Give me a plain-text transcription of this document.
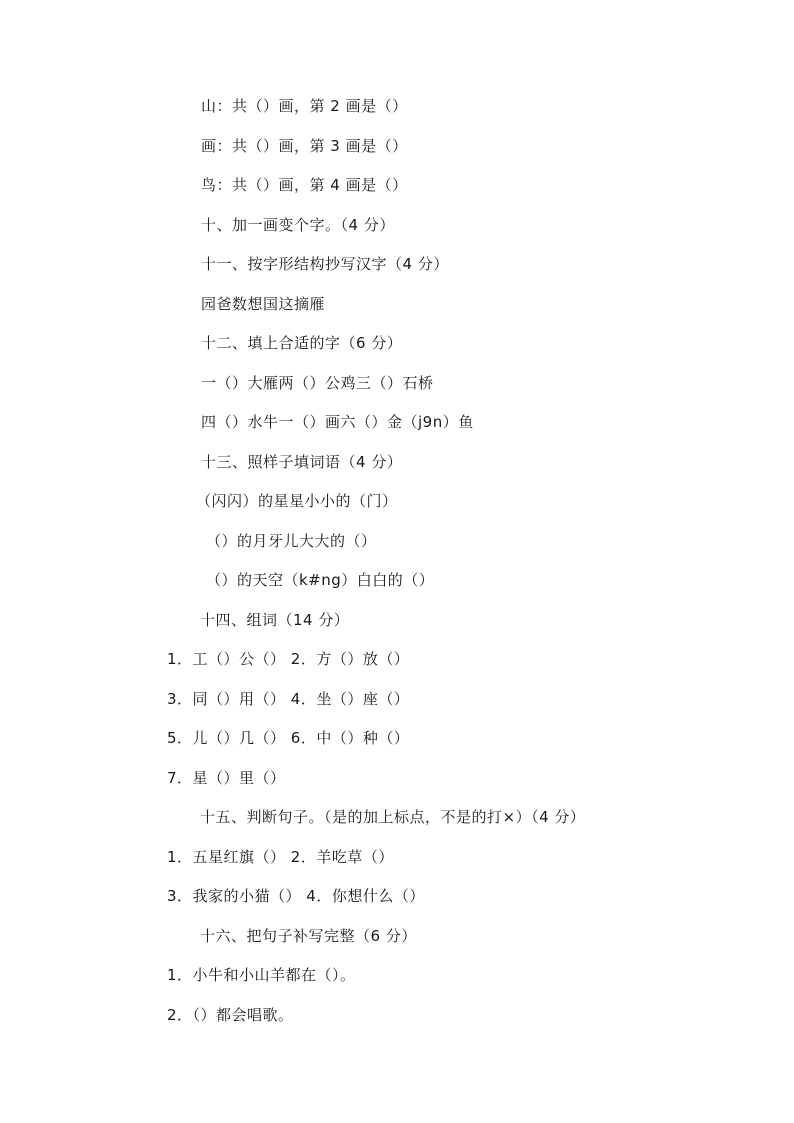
山：共（）画，第 2 画是（）
画：共（）画，第 3 画是（）
鸟：共（）画，第 4 画是（）
十、加一画变个字。（4 分）
十一、按字形结构抄写汉字（4 分）
园爸数想国这摘雁
十二、填上合适的字（6 分）
一（）大雁两（）公鸡三（）石桥
四（）水牛一（）画六（）金（j9n）鱼
十三、照样子填词语（4 分）
（闪闪）的星星小小的（门）
（）的月牙儿大大的（）
（）的天空（k#ng）白白的（）
十四、组词（14 分）
1．工（）公（） 2．方（）放（）
3．同（）用（） 4．坐（）座（）
5．儿（）几（） 6．中（）种（）
7．星（）里（）
十五、判断句子。（是的加上标点，不是的打×）（4 分）
1．五星红旗（） 2．羊吃草（）
3．我家的小猫（） 4．你想什么（）
十六、把句子补写完整（6 分）
1．小牛和小山羊都在（）。
2．（）都会唱歌。
